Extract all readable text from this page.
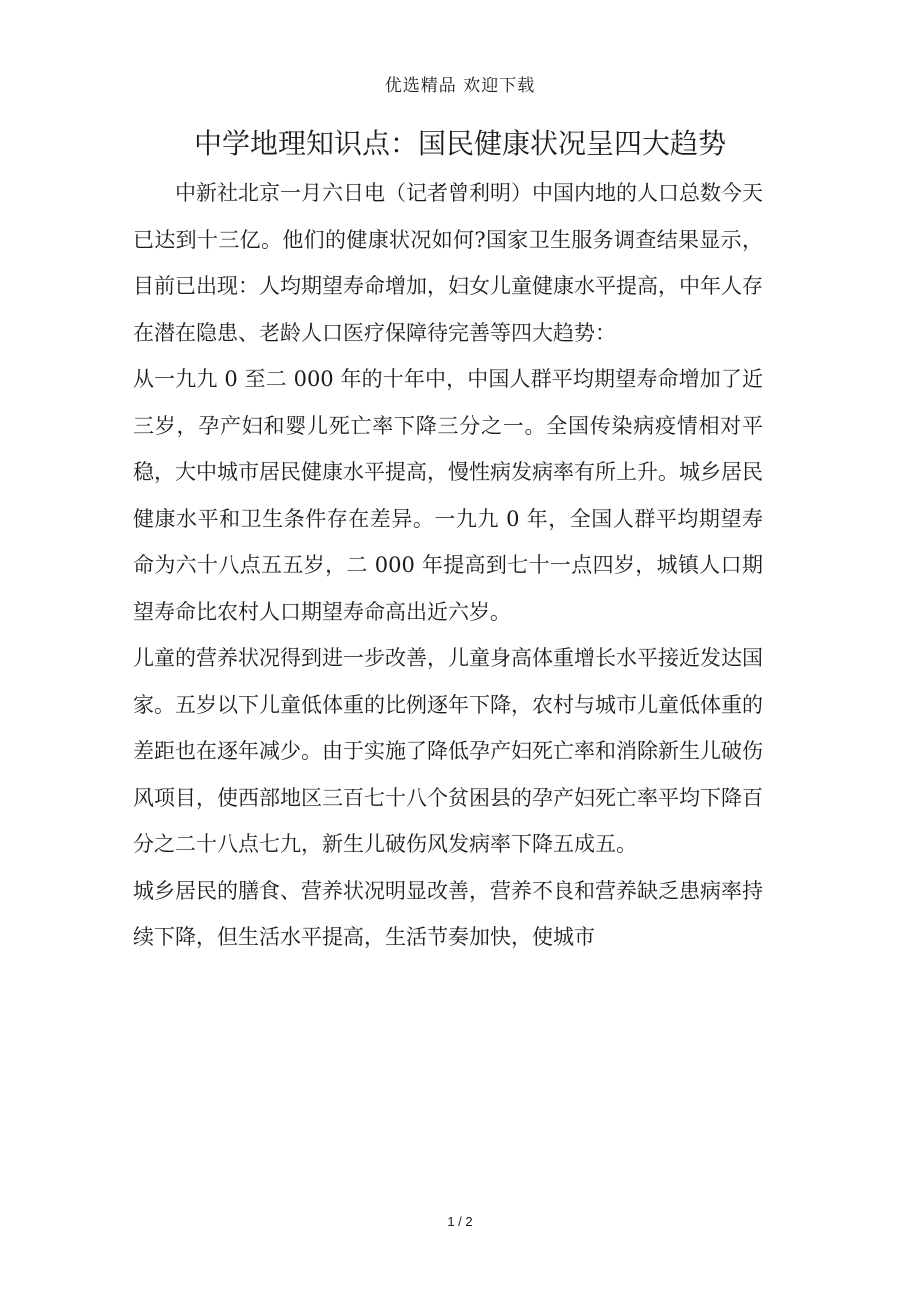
优选精品 欢迎下载
中学地理知识点：国民健康状况呈四大趋势

中新社北京一月六日电（记者曾利明）中国内地的人口总数今天已达到十三亿。他们的健康状况如何?国家卫生服务调查结果显示，目前已出现：人均期望寿命增加，妇女儿童健康水平提高，中年人存在潜在隐患、老龄人口医疗保障待完善等四大趋势：

从一九九 0 至二 000 年的十年中，中国人群平均期望寿命增加了近三岁，孕产妇和婴儿死亡率下降三分之一。全国传染病疫情相对平稳，大中城市居民健康水平提高，慢性病发病率有所上升。城乡居民健康水平和卫生条件存在差异。一九九 0 年，全国人群平均期望寿命为六十八点五五岁，二 000 年提高到七十一点四岁，城镇人口期望寿命比农村人口期望寿命高出近六岁。

儿童的营养状况得到进一步改善，儿童身高体重增长水平接近发达国家。五岁以下儿童低体重的比例逐年下降，农村与城市儿童低体重的差距也在逐年减少。由于实施了降低孕产妇死亡率和消除新生儿破伤风项目，使西部地区三百七十八个贫困县的孕产妇死亡率平均下降百分之二十八点七九，新生儿破伤风发病率下降五成五。

城乡居民的膳食、营养状况明显改善，营养不良和营养缺乏患病率持续下降，但生活水平提高，生活节奏加快，使城市

1 / 2
